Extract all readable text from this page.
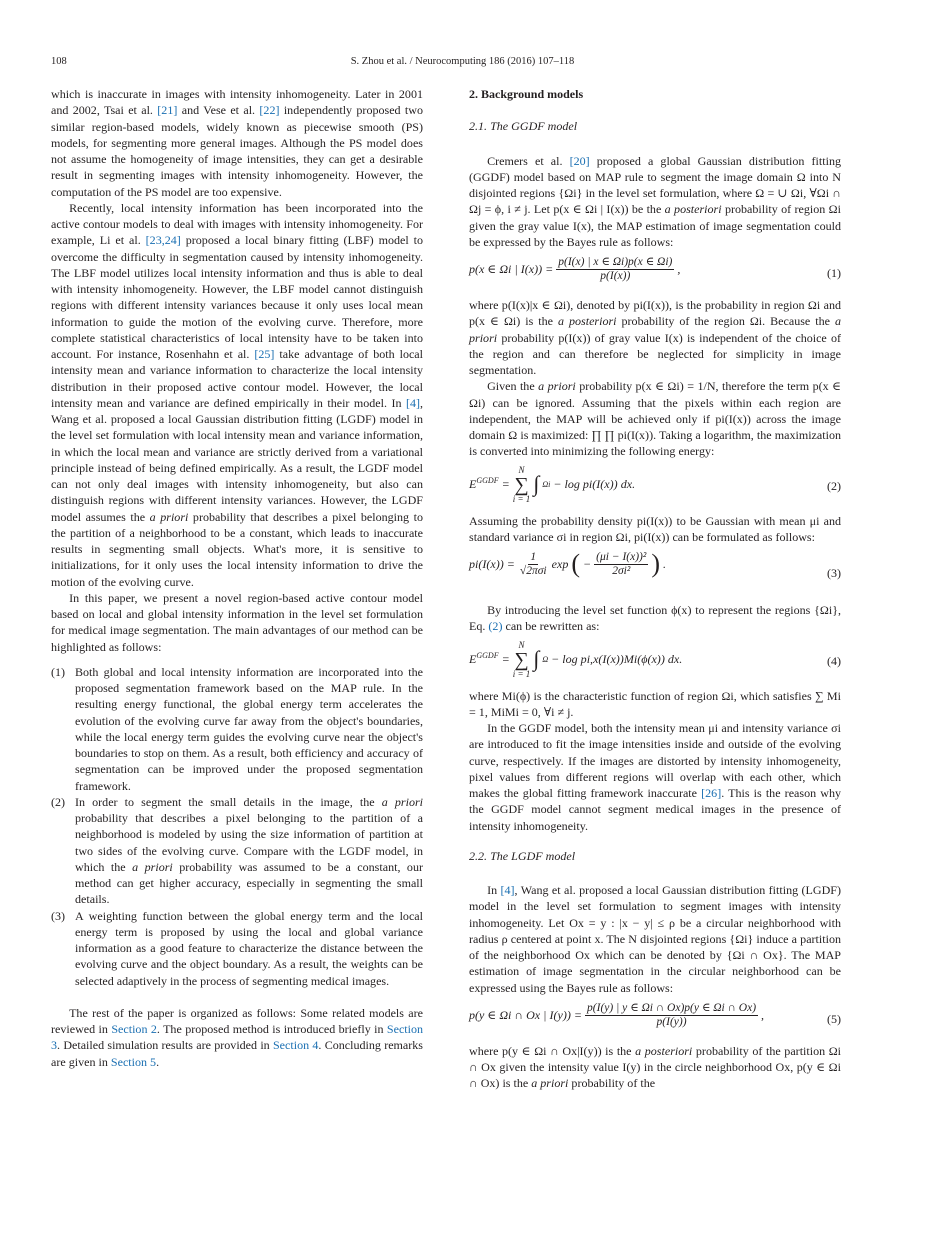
108	S. Zhou et al. / Neurocomputing 186 (2016) 107–118

which is inaccurate in images with intensity inhomogeneity. Later in 2001 and 2002, Tsai et al. [21] and Vese et al. [22] independently proposed two similar region-based models, widely known as piecewise smooth (PS) models, for segmenting more general images. Although the PS model does not assume the homogeneity of image intensities, they can get a desirable result in segmenting images with intensity inhomogeneity. However, the computation of the PS model are too expensive.

Recently, local intensity information has been incorporated into the active contour models to deal with images with intensity inhomogeneity. For example, Li et al. [23,24] proposed a local binary fitting (LBF) model to overcome the difficulty in segmentation caused by intensity inhomogeneity. The LBF model utilizes local intensity information and thus is able to deal with intensity inhomogeneity. However, the LBF model cannot distinguish regions with different intensity variances because it only uses local mean information to guide the motion of the evolving curve. Therefore, more complete statistical characteristics of local intensity have to be taken into account. For instance, Rosenhahn et al. [25] take advantage of both local intensity mean and variance information to characterize the local intensity distribution in their proposed active contour model. However, the local intensity mean and variance are defined empirically in their model. In [4], Wang et al. proposed a local Gaussian distribution fitting (LGDF) model in the level set formulation with local intensity mean and variance information, in which the local mean and variance are strictly derived from a variational principle instead of being defined empirically. As a result, the LGDF model can not only deal images with intensity inhomogeneity, but also can distinguish regions with different intensity variances. However, the LGDF model assumes the a priori probability that describes a pixel belonging to the partition of a neighborhood to be a constant, which leads to inaccurate results in segmenting small objects. What's more, it is sensitive to initializations, for it only uses the local intensity information to drive the motion of the evolving curve.

In this paper, we present a novel region-based active contour model based on local and global intensity information in the level set formulation for medical image segmentation. The main advantages of our method can be highlighted as follows:

(1) Both global and local intensity information are incorporated into the proposed segmentation framework based on the MAP rule. In the resulting energy functional, the global energy term accelerates the evolution of the evolving curve far away from the object's boundaries, while the local energy term guides the evolving curve near the object's boundaries to stop on them. As a result, both efficiency and accuracy of segmentation can be improved under the proposed segmentation framework.
(2) In order to segment the small details in the image, the a priori probability that describes a pixel belonging to the partition of a neighborhood is modeled by using the size information of partition at two sides of the evolving curve. Compare with the LGDF model, in which the a priori probability was assumed to be a constant, our method can get higher accuracy, especially in segmenting the small details.
(3) A weighting function between the global energy term and the local energy term is proposed by using the local and global variance information as a good feature to characterize the distance between the evolving curve and the object boundary. As a result, the weights can be selected adaptively in the process of segmenting medical images.

The rest of the paper is organized as follows: Some related models are reviewed in Section 2. The proposed method is introduced briefly in Section 3. Detailed simulation results are provided in Section 4. Concluding remarks are given in Section 5.

2. Background models
2.1. The GGDF model

Cremers et al. [20] proposed a global Gaussian distribution fitting (GGDF) model based on MAP rule to segment the image domain Ω into N disjointed regions {Ωi} in the level set formulation, where Ω = ∪ Ωi, ∀Ωi ∩ Ωj = ϕ, i ≠ j. Let p(x ∈ Ωi | I(x)) be the a posteriori probability of region Ωi given the gray value I(x), the MAP estimation of image segmentation could be expressed by the Bayes rule as follows:

p(x ∈ Ωi | $I(x)) = \frac{p(I(x) | x \in \Omega i)p(x \in \Omega i)}{p(I(x))}$ ,	(1)

where p(I(x)|x ∈ Ωi), denoted by pi(I(x)), is the probability in region Ωi and p(x ∈ Ωi) is the a posteriori probability of the region Ωi. Because the a priori probability p(I(x)) of gray value I(x) is independent of the choice of the region and can therefore be neglected for simplicity in image segmentation.

Given the a priori probability p(x ∈ Ωi) = 1/N, therefore the term p(x ∈ Ωi) can be ignored. Assuming that the pixels within each region are independent, the MAP will be achieved only if pi(I(x)) across the image domain Ω is maximized: ∏ ∏ pi(I(x)). Taking a logarithm, the maximization is converted into minimizing the following energy:

$E^{GGDF}$ =
N
∑
i = 1
∫ Ωi − log pi(I(x)) dx.	(2)

Assuming the probability density pi(I(x)) to be Gaussian with mean μi and standard variance σi in region Ωi, pi(I(x)) can be formulated as follows:

$pi(I(x)) = \frac{1}{\text{√2πσi}}$ exp ( − $\frac{\text{(μi − I(x))²}}{\text{2σi²}}$ ) .
(3)

By introducing the level set function ϕ(x) to represent the regions {Ωi}, Eq. (2) can be rewritten as:

$E^{GGDF}$ =
N
∑
i = 1
∫ Ω − log pi,x(I(x))Mi(ϕ(x)) dx.	(4)

where Mi(ϕ) is the characteristic function of region Ωi, which satisfies ∑ Mi = 1, MiMi = 0, ∀i ≠ j.

In the GGDF model, both the intensity mean μi and intensity variance σi are introduced to fit the image intensities inside and outside of the evolving curve, respectively. If the images are distorted by intensity inhomogeneity, pixel values from different regions will overlap with each other, which makes the global fitting framework inaccurate [26]. This is the reason why the GGDF model cannot segment medical images in the presence of intensity inhomogeneity.

2.2. The LGDF model

In [4], Wang et al. proposed a local Gaussian distribution fitting (LGDF) model in the level set formulation to segment images with intensity inhomogeneity. Let Ox = y : |x − y| ≤ ρ be a circular neighborhood with radius ρ centered at point x. The N disjointed regions {Ωi} induce a partition of the neighborhood Ox which can be denoted by {Ωi ∩ Ox}. The MAP estimation of image segmentation in the circular neighborhood can be expressed using the Bayes rule as follows:

p(y ∈ Ωi ∩ Ox | $I(y)) = \frac{p(I(y) | y \in \Omega i \cap Ox)p(y \in \Omega i \cap Ox)}{p(I(y))}$ ,	(5)

where p(y ∈ Ωi ∩ Ox|I(y)) is the a posteriori probability of the partition Ωi ∩ Ox given the intensity value I(y) in the circle neighborhood Ox, p(y ∈ Ωi ∩ Ox) is the a priori probability of the
